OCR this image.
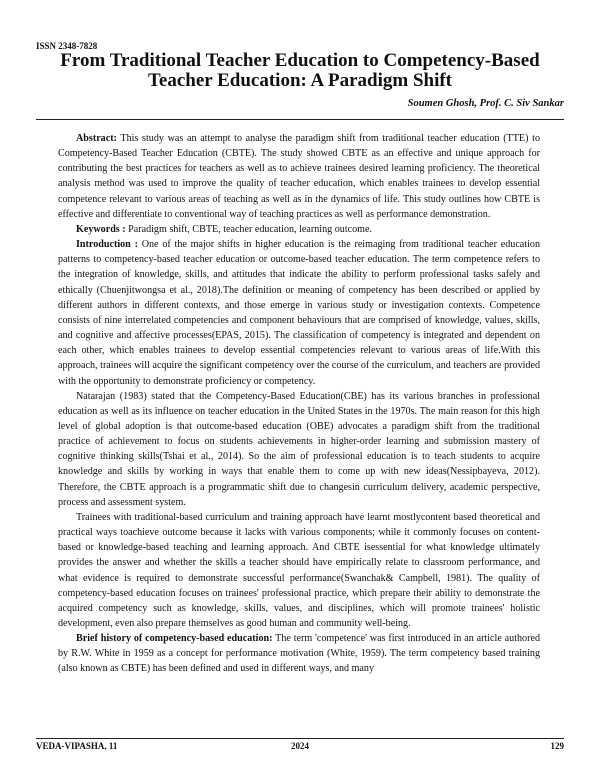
ISSN 2348-7828
From Traditional Teacher Education to Competency-Based
Teacher Education: A Paradigm Shift
Soumen Ghosh, Prof. C. Siv Sankar

Abstract: This study was an attempt to analyse the paradigm shift from traditional teacher education (TTE) to Competency-Based Teacher Education (CBTE). The study showed CBTE as an effective and unique approach for contributing the best practices for teachers as well as to achieve trainees desired learning proficiency. The theoretical analysis method was used to improve the quality of teacher education, which enables trainees to develop essential competence relevant to various areas of teaching as well as in the dynamics of life. This study outlines how CBTE is effective and differentiate to conventional way of teaching practices as well as performance demonstration.

Keywords : Paradigm shift, CBTE, teacher education, learning outcome.

Introduction : One of the major shifts in higher education is the reimaging from traditional teacher education patterns to competency-based teacher education or outcome-based teacher education. The term competence refers to the integration of knowledge, skills, and attitudes that indicate the ability to perform professional tasks safely and ethically (Chuenjitwongsa et al., 2018).The definition or meaning of competency has been described or applied by different authors in different contexts, and those emerge in various study or investigation contexts. Competence consists of nine interrelated competencies and component behaviours that are comprised of knowledge, values, skills, and cognitive and affective processes(EPAS, 2015). The classification of competency is integrated and dependent on each other, which enables trainees to develop essential competencies relevant to various areas of life.With this approach, trainees will acquire the significant competency over the course of the curriculum, and teachers are provided with the opportunity to demonstrate proficiency or competency.

Natarajan (1983) stated that the Competency-Based Education(CBE) has its various branches in professional education as well as its influence on teacher education in the United States in the 1970s. The main reason for this high level of global adoption is that outcome-based education (OBE) advocates a paradigm shift from the traditional practice of achievement to focus on students achievements in higher-order learning and submission mastery of cognitive thinking skills(Tshai et al., 2014). So the aim of professional education is to teach students to acquire knowledge and skills by working in ways that enable them to come up with new ideas(Nessipbayeva, 2012). Therefore, the CBTE approach is a programmatic shift due to changesin curriculum delivery, academic perspective, process and assessment system.

Trainees with traditional-based curriculum and training approach have learnt mostlycontent based theoretical and practical ways toachieve outcome because it lacks with various components; while it commonly focuses on content-based or knowledge-based teaching and learning approach. And CBTE isessential for what knowledge ultimately provides the answer and whether the skills a teacher should have empirically relate to classroom performance, and what evidence is required to demonstrate successful performance(Swanchak& Campbell, 1981). The quality of competency-based education focuses on trainees' professional practice, which prepare their ability to demonstrate the acquired competency such as knowledge, skills, values, and disciplines, which will promote trainees' holistic development, even also prepare themselves as good human and community well-being.

Brief history of competency-based education: The term 'competence' was first introduced in an article authored by R.W. White in 1959 as a concept for performance motivation (White, 1959). The term competency based training (also known as CBTE) has been defined and used in different ways, and many

VEDA-VIPASHA, 11	2024	129
